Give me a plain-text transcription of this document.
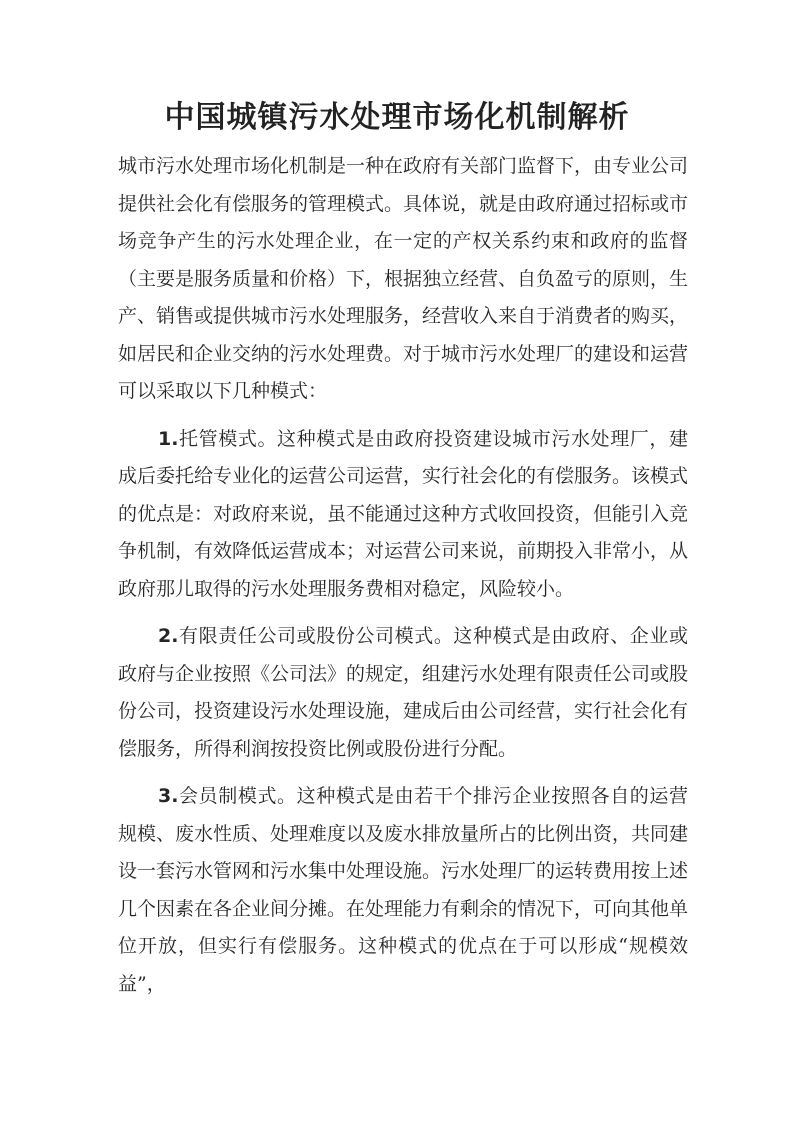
中国城镇污水处理市场化机制解析

城市污水处理市场化机制是一种在政府有关部门监督下，由专业公司提供社会化有偿服务的管理模式。具体说，就是由政府通过招标或市场竞争产生的污水处理企业，在一定的产权关系约束和政府的监督（主要是服务质量和价格）下，根据独立经营、自负盈亏的原则，生产、销售或提供城市污水处理服务，经营收入来自于消费者的购买，如居民和企业交纳的污水处理费。对于城市污水处理厂的建设和运营可以采取以下几种模式：

1.托管模式。这种模式是由政府投资建设城市污水处理厂，建成后委托给专业化的运营公司运营，实行社会化的有偿服务。该模式的优点是：对政府来说，虽不能通过这种方式收回投资，但能引入竞争机制，有效降低运营成本；对运营公司来说，前期投入非常小，从政府那儿取得的污水处理服务费相对稳定，风险较小。

2.有限责任公司或股份公司模式。这种模式是由政府、企业或政府与企业按照《公司法》的规定，组建污水处理有限责任公司或股份公司，投资建设污水处理设施，建成后由公司经营，实行社会化有偿服务，所得利润按投资比例或股份进行分配。

3.会员制模式。这种模式是由若干个排污企业按照各自的运营规模、废水性质、处理难度以及废水排放量所占的比例出资，共同建设一套污水管网和污水集中处理设施。污水处理厂的运转费用按上述几个因素在各企业间分摊。在处理能力有剩余的情况下，可向其他单位开放，但实行有偿服务。这种模式的优点在于可以形成“规模效益”，
